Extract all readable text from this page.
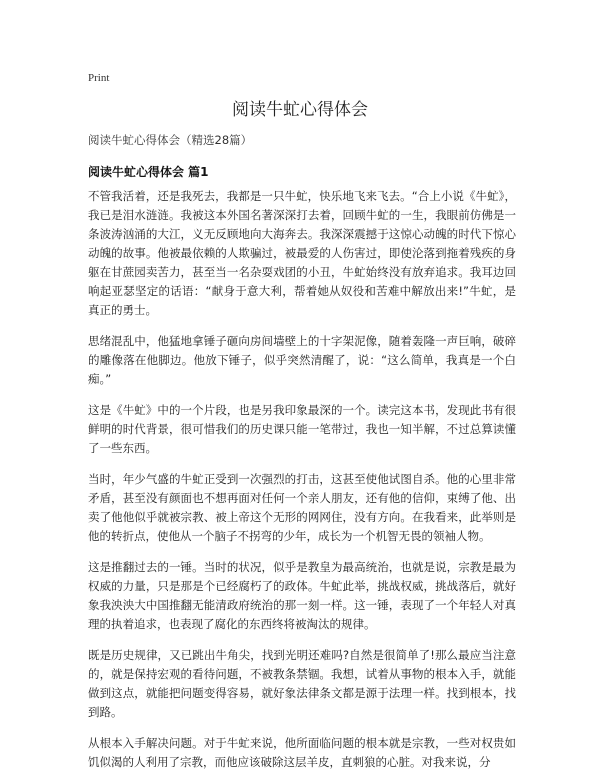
Print
阅读牛虻心得体会
阅读牛虻心得体会（精选28篇）
阅读牛虻心得体会 篇1

不管我活着，还是我死去，我都是一只牛虻，快乐地飞来飞去。“合上小说《牛虻》，我已是泪水涟涟。我被这本外国名著深深打去着，回顾牛虻的一生，我眼前仿佛是一条波涛汹涌的大江，义无反顾地向大海奔去。我深深震撼于这惊心动魄的时代下惊心动魄的故事。他被最依赖的人欺骗过，被最爱的人伤害过，即使沦落到拖着残疾的身躯在甘蔗园卖苦力，甚至当一名杂耍戏团的小丑，牛虻始终没有放弃追求。我耳边回响起亚瑟坚定的话语：“献身于意大利，帮着她从奴役和苦难中解放出来!”牛虻，是真正的勇士。

思绪混乱中，他猛地拿锤子砸向房间墙壁上的十字架泥像，随着轰隆一声巨响，破碎的雕像落在他脚边。他放下锤子，似乎突然清醒了，说：“这么简单，我真是一个白痴。”

这是《牛虻》中的一个片段，也是另我印象最深的一个。读完这本书，发现此书有很鲜明的时代背景，很可惜我们的历史课只能一笔带过，我也一知半解，不过总算读懂了一些东西。

当时，年少气盛的牛虻正受到一次强烈的打击，这甚至使他试图自杀。他的心里非常矛盾，甚至没有颜面也不想再面对任何一个亲人朋友，还有他的信仰，束缚了他、出卖了他他似乎就被宗教、被上帝这个无形的网网住，没有方向。在我看来，此举则是他的转折点，使他从一个脑子不拐弯的少年，成长为一个机智无畏的领袖人物。

这是推翻过去的一锤。当时的状况，似乎是教皇为最高统治，也就是说，宗教是最为权威的力量，只是那是个已经腐朽了的政体。牛虻此举，挑战权威，挑战落后，就好象我泱泱大中国推翻无能清政府统治的那一刻一样。这一锤，表现了一个年轻人对真理的执着追求，也表现了腐化的东西终将被淘汰的规律。

既是历史规律，又已跳出牛角尖，找到光明还难吗?自然是很简单了!那么最应当注意的，就是保持宏观的看待问题，不被教条禁锢。我想，试着从事物的根本入手，就能做到这点，就能把问题变得容易，就好象法律条文都是源于法理一样。找到根本，找到路。

从根本入手解决问题。对于牛虻来说，他所面临问题的根本就是宗教，一些对权贵如饥似渴的人利用了宗教，而他应该破除这层羊皮，直刺狼的心脏。对我来说，分
